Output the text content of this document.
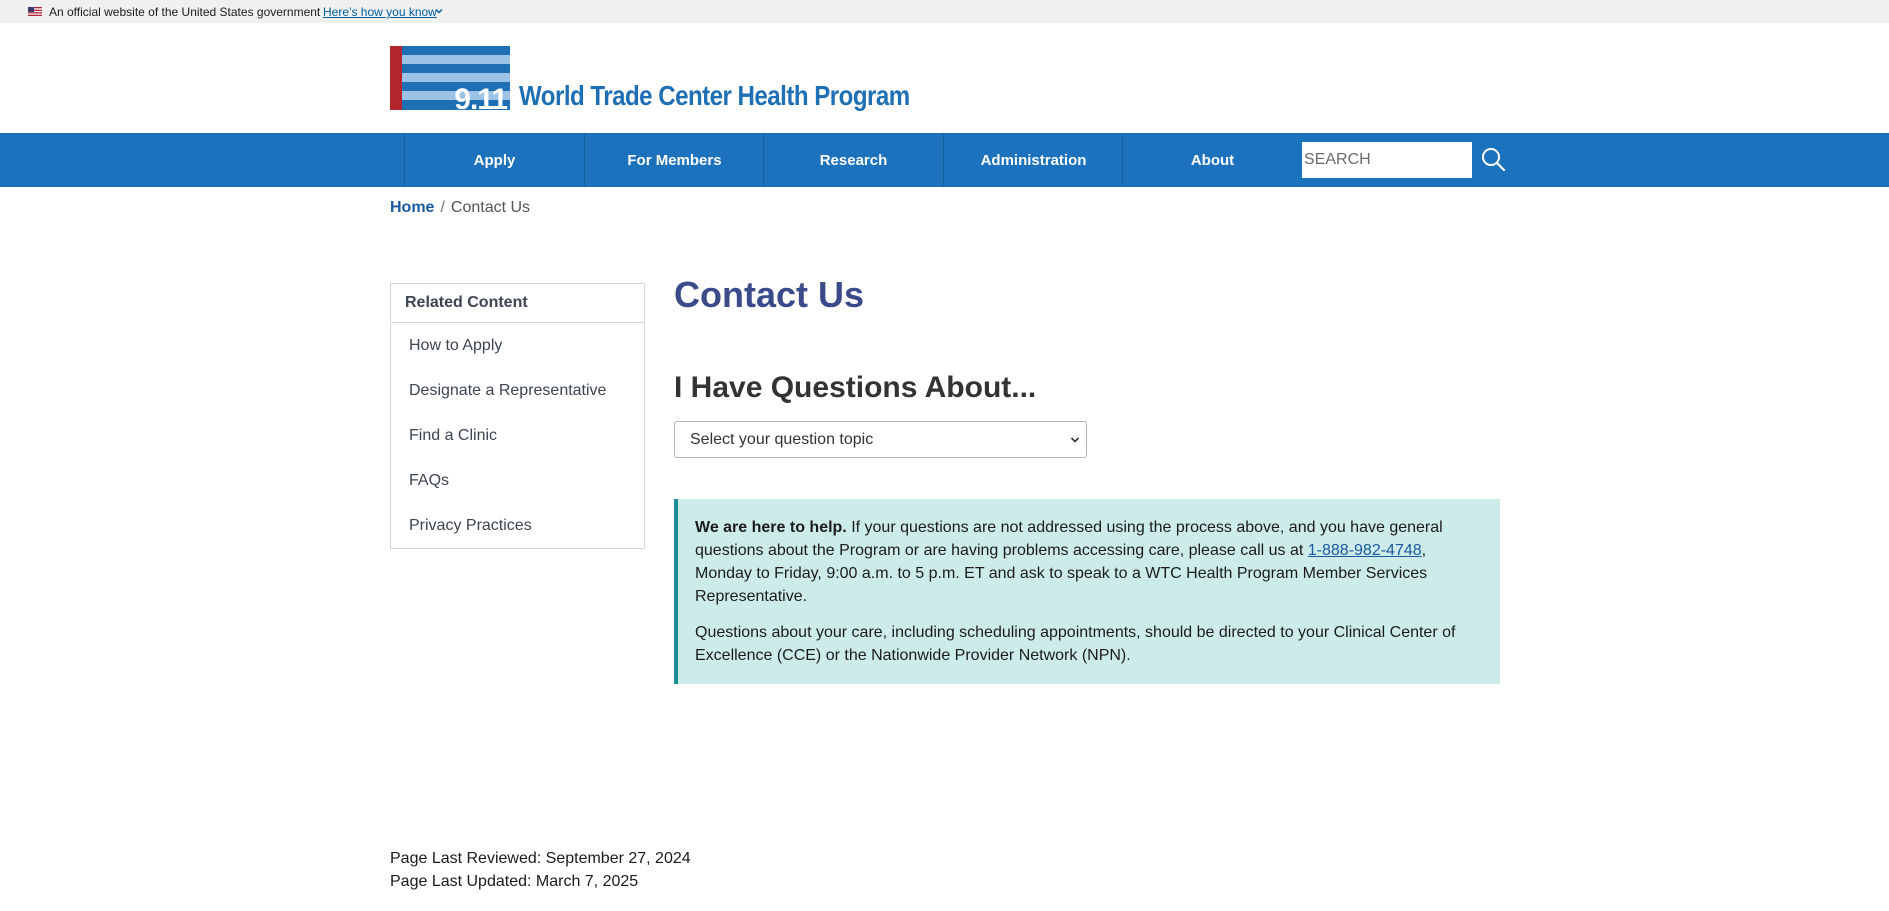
An official website of the United States government Here’s how you know
9.11 World Trade Center Health Program
Apply	For Members	Research	Administration	About
SEARCH
Home / Contact Us
Related Content
How to Apply
Designate a Representative
Find a Clinic
FAQs
Privacy Practices
Contact Us
I Have Questions About...
Select your question topic

We are here to help. If your questions are not addressed using the process above, and you have general questions about the Program or are having problems accessing care, please call us at 1-888-982-4748, Monday to Friday, 9:00 a.m. to 5 p.m. ET and ask to speak to a WTC Health Program Member Services Representative.

Questions about your care, including scheduling appointments, should be directed to your Clinical Center of Excellence (CCE) or the Nationwide Provider Network (NPN).

Page Last Reviewed: September 27, 2024
Page Last Updated: March 7, 2025
